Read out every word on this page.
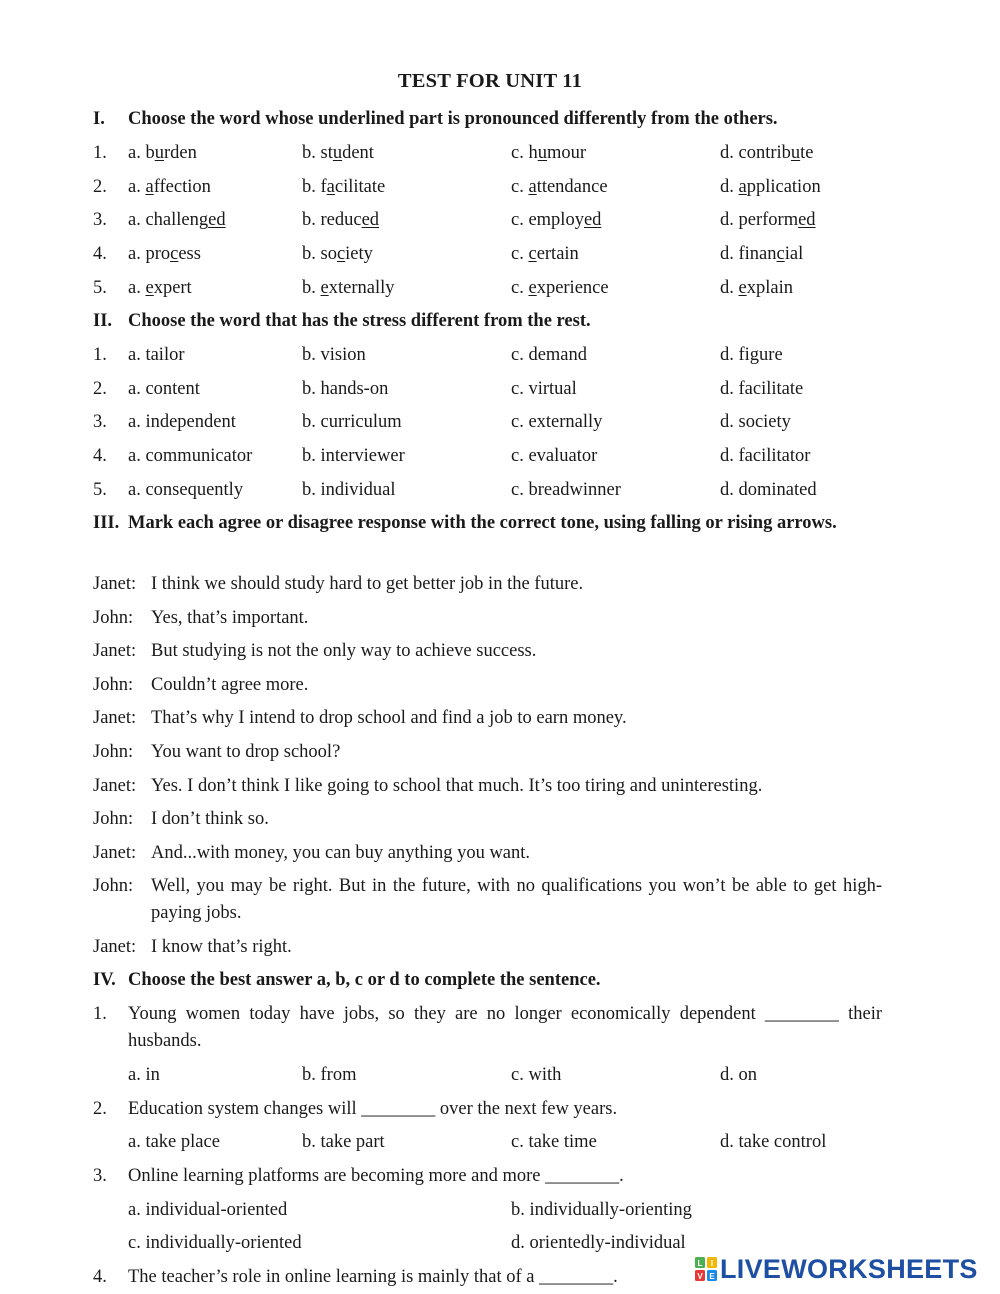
TEST FOR UNIT 11
I. Choose the word whose underlined part is pronounced differently from the others.
1. a. burden	b. student	c. humour	d. contribute
2. a. affection	b. facilitate	c. attendance	d. application
3. a. challenged	b. reduced	c. employed	d. performed
4. a. process	b. society	c. certain	d. financial
5. a. expert	b. externally	c. experience	d. explain
II. Choose the word that has the stress different from the rest.
1. a. tailor	b. vision	c. demand	d. figure
2. a. content	b. hands-on	c. virtual	d. facilitate
3. a. independent	b. curriculum	c. externally	d. society
4. a. communicator	b. interviewer	c. evaluator	d. facilitator
5. a. consequently	b. individual	c. breadwinner	d. dominated
III. Mark each agree or disagree response with the correct tone, using falling or rising arrows.
Janet: I think we should study hard to get better job in the future.
John: Yes, that’s important.
Janet: But studying is not the only way to achieve success.
John: Couldn’t agree more.
Janet: That’s why I intend to drop school and find a job to earn money.
John: You want to drop school?
Janet: Yes. I don’t think I like going to school that much. It’s too tiring and uninteresting.
John: I don’t think so.
Janet: And...with money, you can buy anything you want.
John: Well, you may be right. But in the future, with no qualifications you won’t be able to get high-paying jobs.
Janet: I know that’s right.
IV. Choose the best answer a, b, c or d to complete the sentence.
1. Young women today have jobs, so they are no longer economically dependent ________ their husbands.
a. in	b. from	c. with	d. on
2. Education system changes will ________ over the next few years.
a. take place	b. take part	c. take time	d. take control
3. Online learning platforms are becoming more and more ________.
a. individual-oriented	b. individually-orienting
c. individually-oriented	d. orientedly-individual
4. The teacher’s role in online learning is mainly that of a ________.
L I
V E LIVEWORKSHEETS
